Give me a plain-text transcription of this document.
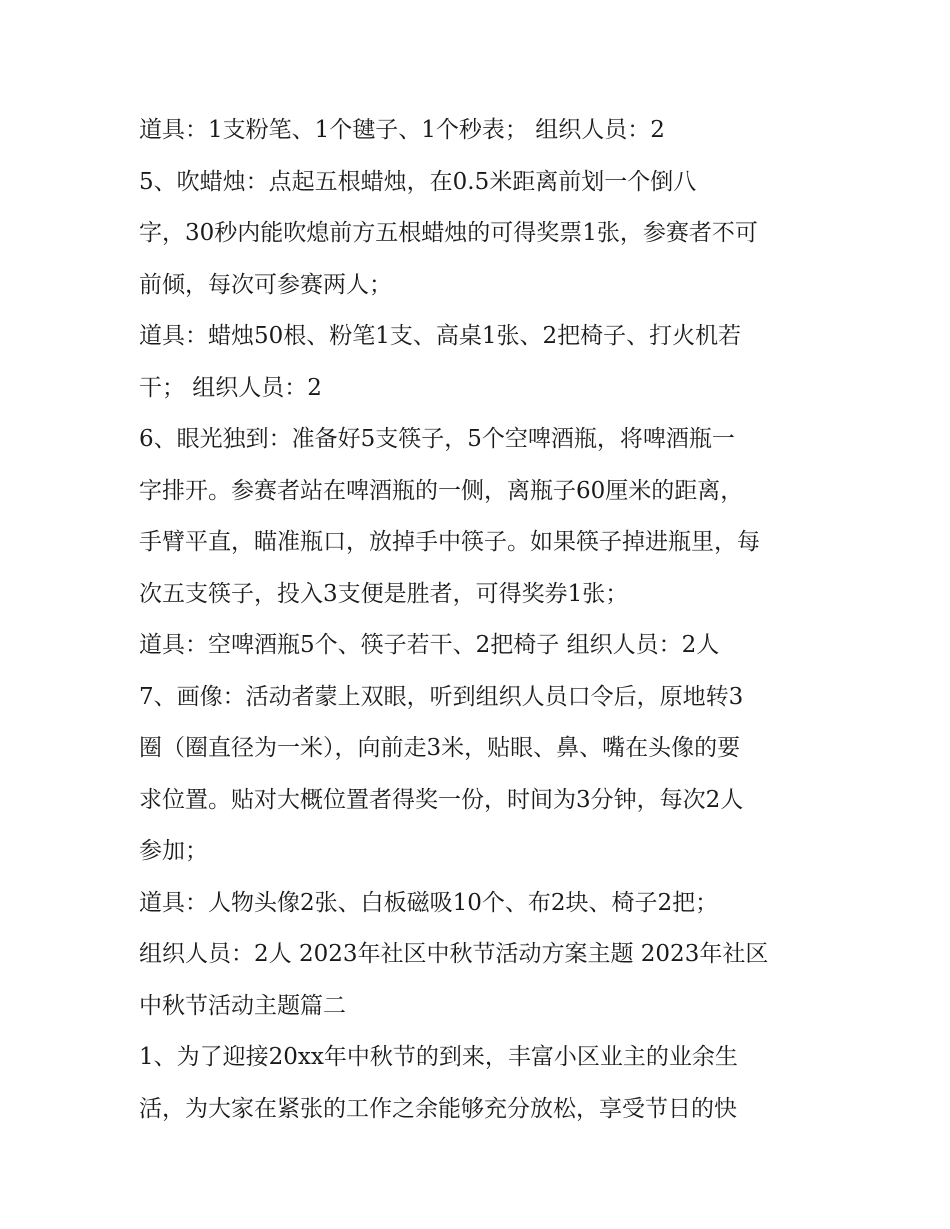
道具：1支粉笔、1个毽子、1个秒表； 组织人员：2
5、吹蜡烛：点起五根蜡烛，在0.5米距离前划一个倒八
字，30秒内能吹熄前方五根蜡烛的可得奖票1张，参赛者不可
前倾，每次可参赛两人；
道具：蜡烛50根、粉笔1支、高桌1张、2把椅子、打火机若
干； 组织人员：2
6、眼光独到：准备好5支筷子，5个空啤酒瓶，将啤酒瓶一
字排开。参赛者站在啤酒瓶的一侧，离瓶子60厘米的距离，
手臂平直，瞄准瓶口，放掉手中筷子。如果筷子掉进瓶里，每
次五支筷子，投入3支便是胜者，可得奖券1张；
道具：空啤酒瓶5个、筷子若干、2把椅子 组织人员：2人
7、画像：活动者蒙上双眼，听到组织人员口令后，原地转3
圈（圈直径为一米），向前走3米，贴眼、鼻、嘴在头像的要
求位置。贴对大概位置者得奖一份，时间为3分钟，每次2人
参加；
道具：人物头像2张、白板磁吸10个、布2块、椅子2把；
组织人员：2人 2023年社区中秋节活动方案主题 2023年社区
中秋节活动主题篇二
1、为了迎接20xx年中秋节的到来，丰富小区业主的业余生
活，为大家在紧张的工作之余能够充分放松，享受节日的快
